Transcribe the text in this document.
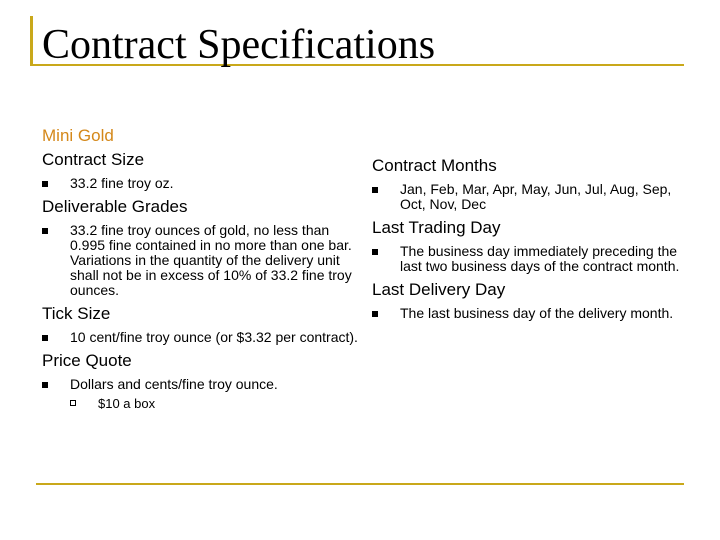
Contract Specifications
Mini Gold
Contract Size
33.2 fine troy oz.
Deliverable Grades
33.2 fine troy ounces of gold, no less than 0.995 fine contained in no more than one bar. Variations in the quantity of the delivery unit shall not be in excess of 10% of 33.2 fine troy ounces.
Tick Size
10 cent/fine troy ounce (or $3.32 per contract).
Price Quote
Dollars and cents/fine troy ounce.
$10 a box
Contract Months
Jan, Feb, Mar, Apr, May, Jun, Jul, Aug, Sep, Oct, Nov, Dec
Last Trading Day
The business day immediately preceding the last two business days of the contract month.
Last Delivery Day
The last business day of the delivery month.
